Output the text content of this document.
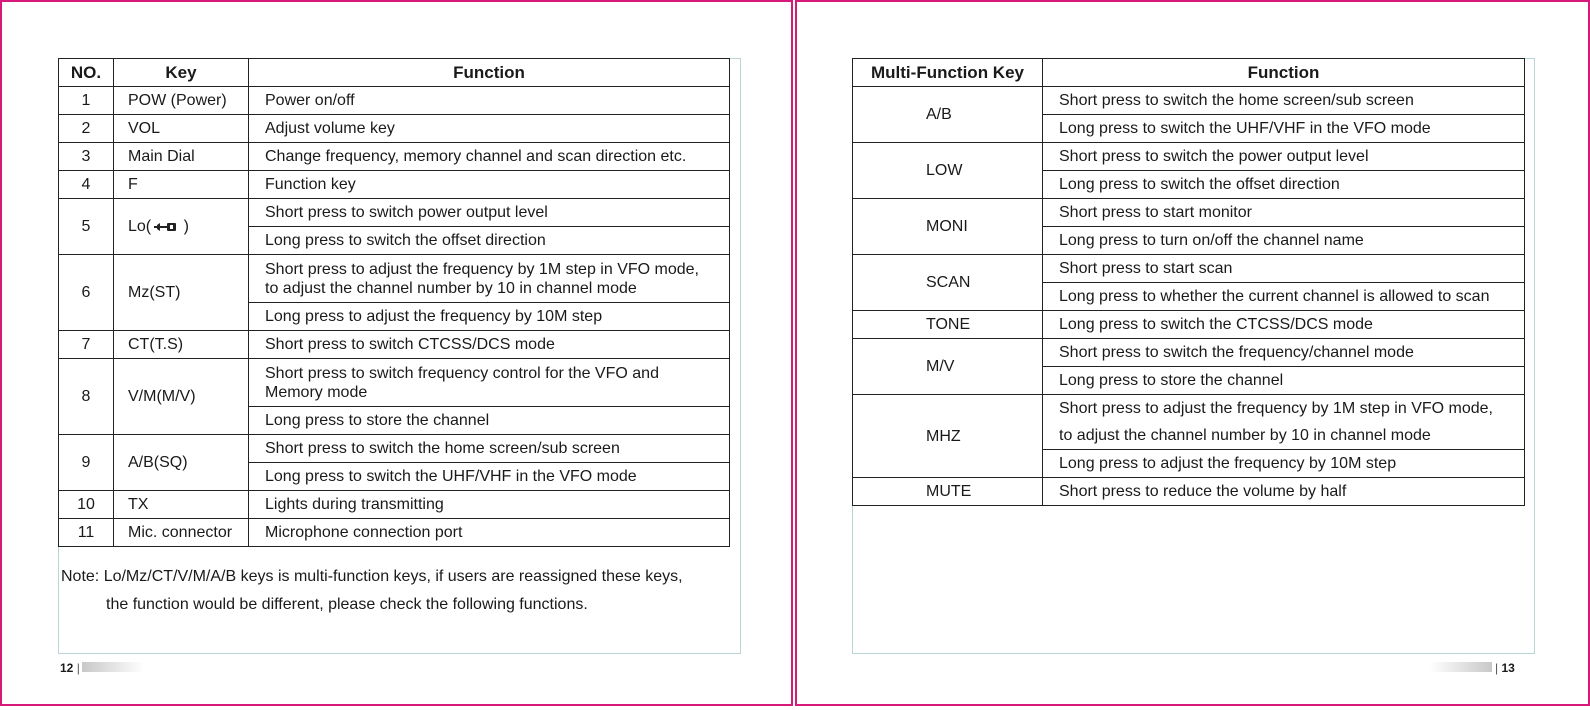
NO.	Key	Function
1	POW (Power)	Power on/off
2	VOL	Adjust volume key
3	Main Dial	Change frequency, memory channel and scan direction etc.
4	F	Function key
5	Lo( )	Short press to switch power output level
		Long press to switch the offset direction
6	Mz(ST)	Short press to adjust the frequency by 1M step in VFO mode,
to adjust the channel number by 10 in channel mode
		Long press to adjust the frequency by 10M step
7	CT(T.S)	Short press to switch CTCSS/DCS mode
8	V/M(M/V)	Short press to switch frequency control for the VFO and
Memory mode
		Long press to store the channel
9	A/B(SQ)	Short press to switch the home screen/sub screen
		Long press to switch the UHF/VHF in the VFO mode
10	TX	Lights during transmitting
11	Mic. connector	Microphone connection port

Note: Lo/Mz/CT/V/M/A/B keys is multi-function keys, if users are reassigned these keys,
the function would be different, please check the following functions.

12 |
Multi-Function Key	Function
A/B	Short press to switch the home screen/sub screen
	Long press to switch the UHF/VHF in the VFO mode
LOW	Short press to switch the power output level
	Long press to switch the offset direction
MONI	Short press to start monitor
	Long press to turn on/off the channel name
SCAN	Short press to start scan
	Long press to whether the current channel is allowed to scan
TONE	Long press to switch the CTCSS/DCS mode
M/V	Short press to switch the frequency/channel mode
	Long press to store the channel
MHZ	Short press to adjust the frequency by 1M step in VFO mode,
to adjust the channel number by 10 in channel mode
	Long press to adjust the frequency by 10M step
MUTE	Short press to reduce the volume by half
| 13
